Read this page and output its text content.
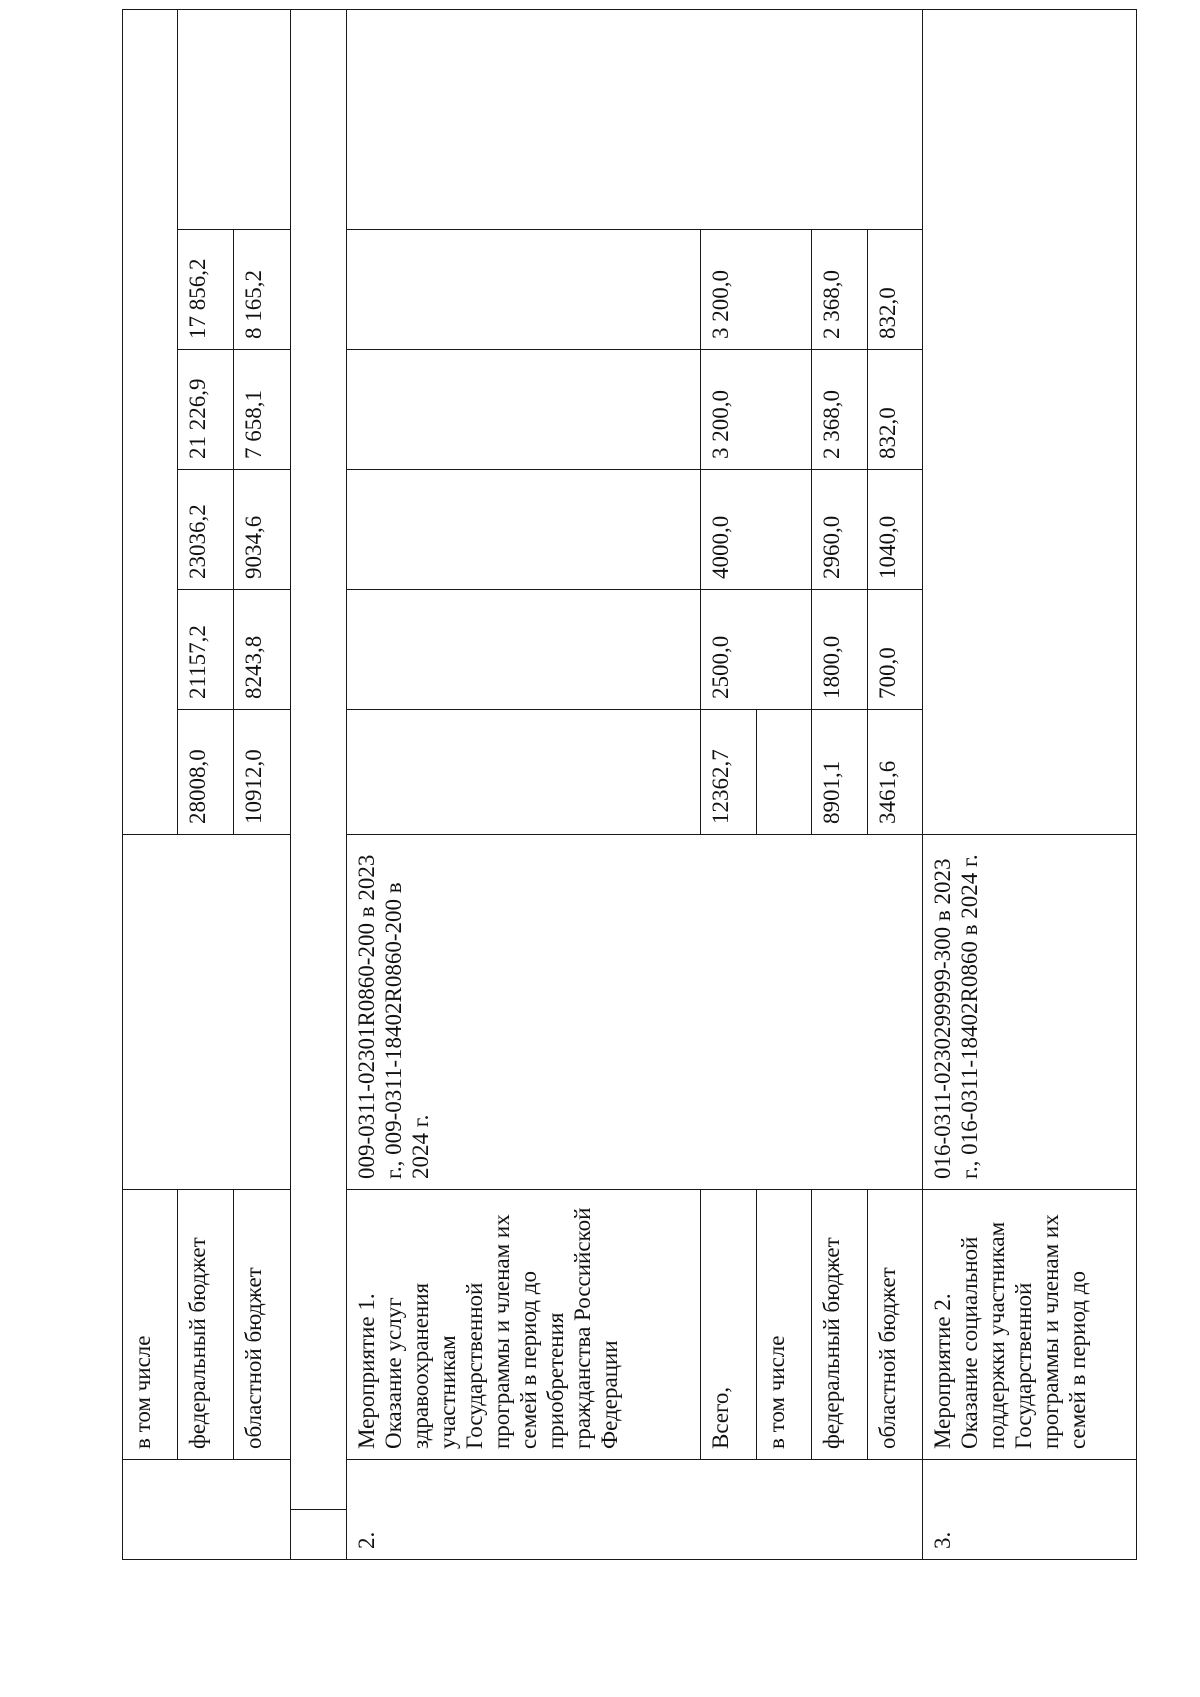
		в том числе							
		федеральный бюджет		28008,0	21157,2	23036,2	21 226,9	17 856,2	
		областной бюджет		10912,0	8243,8	9034,6	7 658,1	8 165,2	

2.		Мероприятие 1. Оказание услуг здравоохранения участникам Государственной программы и членам их семей в период до приобретения гражданства Российской Федерации	009-0311-02301R0860-200 в 2023 г., 009-0311-18402R0860-200 в 2024 г.						
		Всего,		12362,7	2500,0	4000,0	3 200,0	3 200,0	
		в том числе							
		федеральный бюджет		8901,1	1800,0	2960,0	2 368,0	2 368,0	
		областной бюджет		3461,6	700,0	1040,0	832,0	832,0	
3.		Мероприятие 2. Оказание социальной поддержки участникам Государственной программы и членам их семей в период до	016-0311-0230299999-300 в 2023 г., 016-0311-18402R0860 в 2024 г.						
